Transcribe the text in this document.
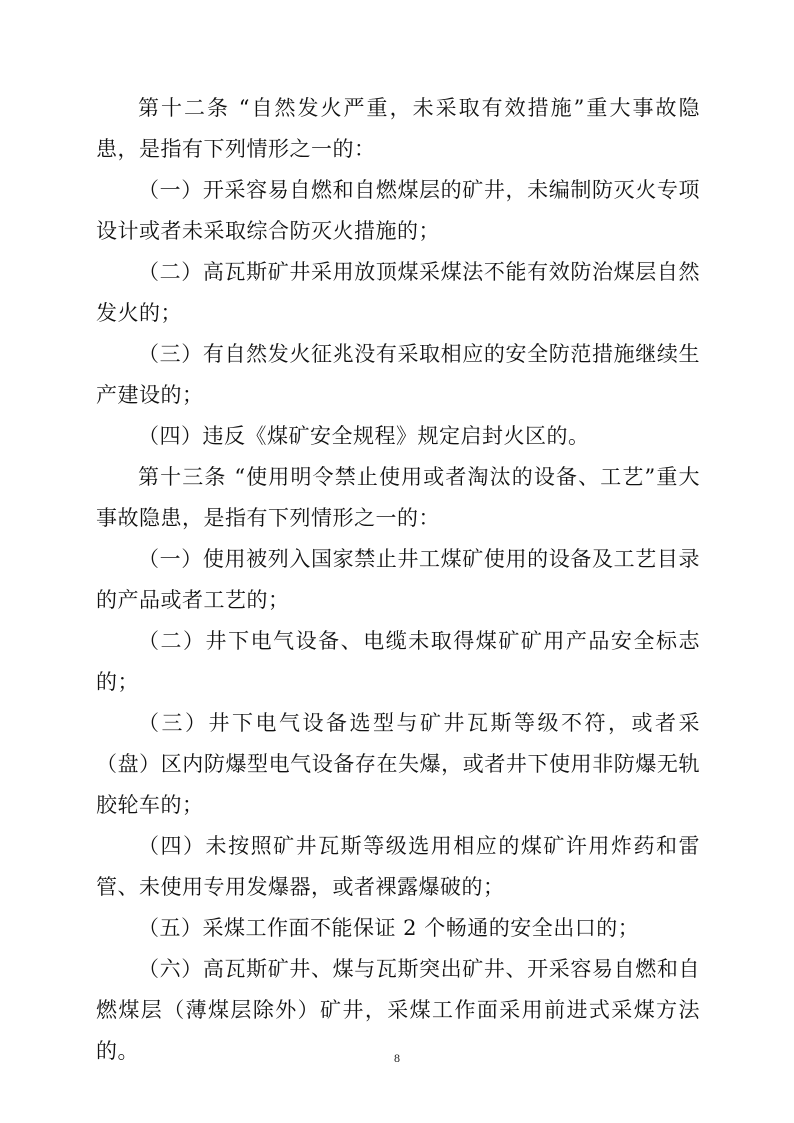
第十二条 “自然发火严重，未采取有效措施”重大事故隐患，是指有下列情形之一的：

（一）开采容易自燃和自燃煤层的矿井，未编制防灭火专项设计或者未采取综合防灭火措施的；

（二）高瓦斯矿井采用放顶煤采煤法不能有效防治煤层自然发火的；

（三）有自然发火征兆没有采取相应的安全防范措施继续生产建设的；

（四）违反《煤矿安全规程》规定启封火区的。

第十三条 “使用明令禁止使用或者淘汰的设备、工艺”重大事故隐患，是指有下列情形之一的：

（一）使用被列入国家禁止井工煤矿使用的设备及工艺目录的产品或者工艺的；

（二）井下电气设备、电缆未取得煤矿矿用产品安全标志的；

（三）井下电气设备选型与矿井瓦斯等级不符，或者采（盘）区内防爆型电气设备存在失爆，或者井下使用非防爆无轨胶轮车的；

（四）未按照矿井瓦斯等级选用相应的煤矿许用炸药和雷管、未使用专用发爆器，或者裸露爆破的；

（五）采煤工作面不能保证 2 个畅通的安全出口的；

（六）高瓦斯矿井、煤与瓦斯突出矿井、开采容易自燃和自燃煤层（薄煤层除外）矿井，采煤工作面采用前进式采煤方法的。	8
